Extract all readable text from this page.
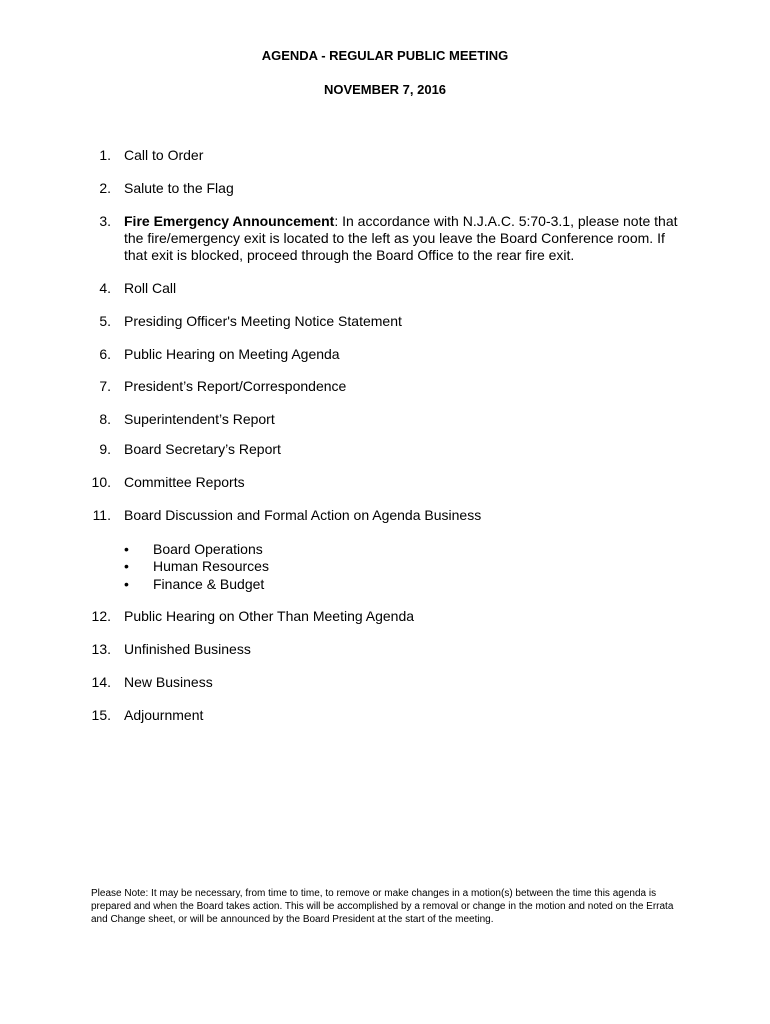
AGENDA - REGULAR PUBLIC MEETING
NOVEMBER 7, 2016
1. Call to Order
2. Salute to the Flag
3. Fire Emergency Announcement: In accordance with N.J.A.C. 5:70-3.1, please note that the fire/emergency exit is located to the left as you leave the Board Conference room. If that exit is blocked, proceed through the Board Office to the rear fire exit.
4. Roll Call
5. Presiding Officer's Meeting Notice Statement
6. Public Hearing on Meeting Agenda
7. President’s Report/Correspondence
8. Superintendent’s Report
9. Board Secretary’s Report
10. Committee Reports
11. Board Discussion and Formal Action on Agenda Business
• Board Operations
• Human Resources
• Finance & Budget
12. Public Hearing on Other Than Meeting Agenda
13. Unfinished Business
14. New Business
15. Adjournment
Please Note: It may be necessary, from time to time, to remove or make changes in a motion(s) between the time this agenda is prepared and when the Board takes action. This will be accomplished by a removal or change in the motion and noted on the Errata and Change sheet, or will be announced by the Board President at the start of the meeting.
